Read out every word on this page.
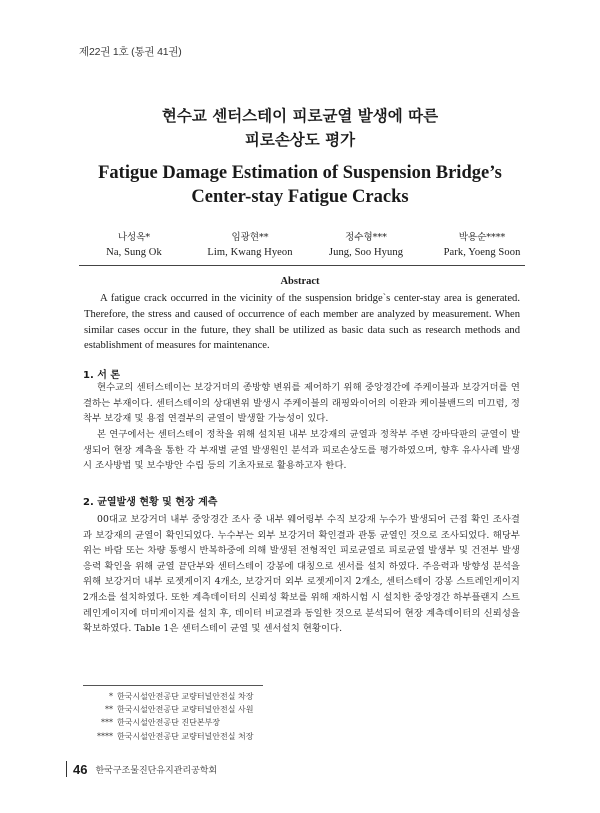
제22권 1호 (통권 41권)
현수교 센터스테이 피로균열 발생에 따른
피로손상도 평가
Fatigue Damage Estimation of Suspension Bridge’s
Center-stay Fatigue Cracks
나성옥*
Na, Sung Ok
임광현**
Lim, Kwang Hyeon
정수형***
Jung, Soo Hyung
박용순****
Park, Yoeng Soon
Abstract

A fatigue crack occurred in the vicinity of the suspension bridge`s center-stay area is generated. Therefore, the stress and caused of occurrence of each member are analyzed by measurement. When similar cases occur in the future, they shall be utilized as basic data such as research methods and establishment of measures for maintenance.

1. 서 론

현수교의 센터스테이는 보강거더의 종방향 변위를 제어하기 위해 중앙경간에 주케이블과 보강거더를 연결하는 부재이다. 센터스테이의 상대변위 발생시 주케이블의 래핑와이어의 이완과 케이블밴드의 미끄럼, 정착부 보강재 및 용접 연결부의 균열이 발생할 가능성이 있다.

본 연구에서는 센터스테이 정착을 위해 설치된 내부 보강재의 균열과 정착부 주변 강바닥판의 균열이 발생되어 현장 계측을 통한 각 부재별 균열 발생원인 분석과 피로손상도를 평가하였으며, 향후 유사사례 발생시 조사방법 및 보수방안 수립 등의 기초자료로 활용하고자 한다.

2. 균열발생 현황 및 현장 계측

00대교 보강거더 내부 중앙경간 조사 중 내부 웨어링부 수직 보강재 누수가 발생되어 근접 확인 조사결과 보강재의 균열이 확인되었다. 누수부는 외부 보강거더 확인결과 관통 균열인 것으로 조사되었다. 해당부위는 바람 또는 차량 통행시 반복하중에 의해 발생된 전형적인 피로균열로 피로균열 발생부 및 건전부 발생응력 확인을 위해 균열 끝단부와 센터스테이 강봉에 대칭으로 센서를 설치 하였다. 주응력과 방향성 분석을 위해 보강거더 내부 로젯게이지 4개소, 보강거더 외부 로젯게이지 2개소, 센터스테이 강봉 스트레인게이지 2개소를 설치하였다. 또한 계측데이터의 신뢰성 확보를 위해 재하시험 시 설치한 중앙경간 하부플랜지 스트레인게이지에 더미게이지를 설치 후, 데이터 비교결과 동일한 것으로 분석되어 현장 계측데이터의 신뢰성을 확보하였다. Table 1은 센터스테이 균열 및 센서설치 현황이다.

* 한국시설안전공단 교량터널안전실 차장
** 한국시설안전공단 교량터널안전실 사원
*** 한국시설안전공단 진단본부장
**** 한국시설안전공단 교량터널안전실 처장
46 한국구조물진단유지관리공학회
